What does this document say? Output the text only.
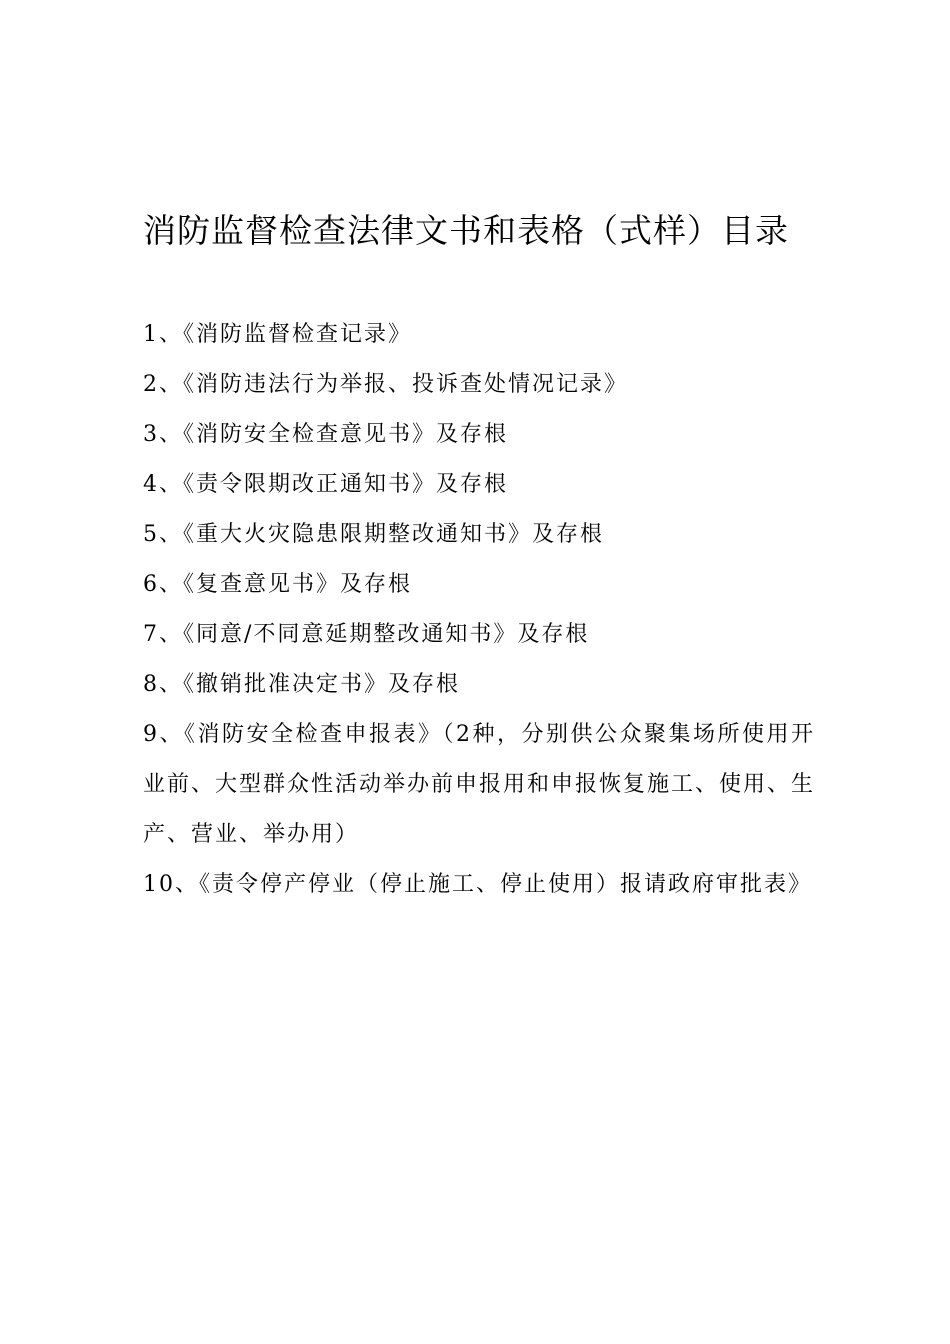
消防监督检查法律文书和表格（式样）目录
1、《消防监督检查记录》
2、《消防违法行为举报、投诉查处情况记录》
3、《消防安全检查意见书》及存根
4、《责令限期改正通知书》及存根
5、《重大火灾隐患限期整改通知书》及存根
6、《复查意见书》及存根
7、《同意/不同意延期整改通知书》及存根
8、《撤销批准决定书》及存根
9、《消防安全检查申报表》（2种，分别供公众聚集场所使用开业前、大型群众性活动举办前申报用和申报恢复施工、使用、生产、营业、举办用）
10、《责令停产停业（停止施工、停止使用）报请政府审批表》
